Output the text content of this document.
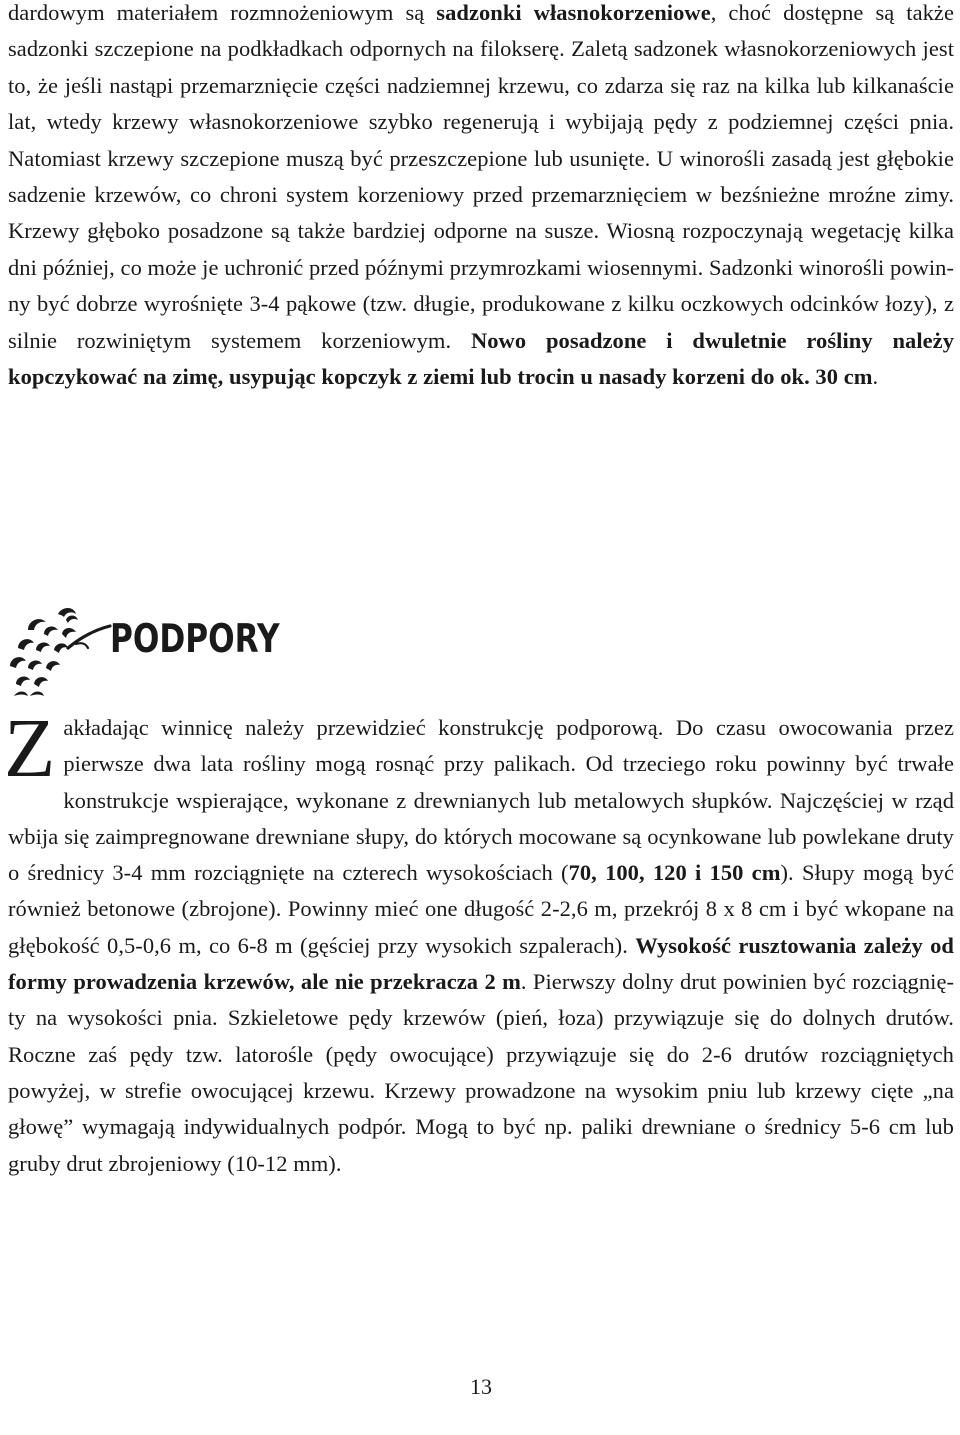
dardowym materiałem rozmnożeniowym są sadzonki własnokorzeniowe, choć dostępne są także sadzonki szczepione na podkładkach odpornych na filokserę. Zaletą sadzonek własnokorzeniowych jest to, że jeśli nastąpi przemarznięcie części nadziemnej krzewu, co zdarza się raz na kilka lub kilkanaście lat, wtedy krzewy własnokorzeniowe szybko regenerują i wybijają pędy z podziemnej części pnia. Natomiast krzewy szczepione muszą być przeszczepione lub usunięte. U winorośli zasadą jest głębokie sadzenie krzewów, co chroni system korzeniowy przed przemarznięciem w bezśnieżne mroźne zimy. Krzewy głęboko posadzone są także bardziej odporne na susze. Wiosną rozpoczynają wegetację kilka dni później, co może je uchronić przed późnymi przymrozkami wiosennymi. Sadzonki winorośli powinny być dobrze wyrośnięte 3-4 pąkowe (tzw. długie, produkowane z kilku oczkowych odcinków łozy), z silnie rozwiniętym systemem korzeniowym. Nowo posadzone i dwuletnie rośliny należy kopczykować na zimę, usypując kopczyk z ziemi lub trocin u nasady korzeni do ok. 30 cm.

PODPORY

Zakładając winnicę należy przewidzieć konstrukcję podporową. Do czasu owocowania przez pierwsze dwa lata rośliny mogą rosnąć przy palikach. Od trzeciego roku powinny być trwałe konstrukcje wspierające, wykonane z drewnianych lub metalowych słupków. Najczęściej w rząd wbija się zaimpregnowane drewniane słupy, do których mocowane są ocynkowane lub powlekane druty o średnicy 3-4 mm rozciągnięte na czterech wysokościach (70, 100, 120 i 150 cm). Słupy mogą być również betonowe (zbrojone). Powinny mieć one długość 2-2,6 m, przekrój 8 x 8 cm i być wkopane na głębokość 0,5-0,6 m, co 6-8 m (gęściej przy wysokich szpalerach). Wysokość rusztowania zależy od formy prowadzenia krzewów, ale nie przekracza 2 m. Pierwszy dolny drut powinien być rozciągnięty na wysokości pnia. Szkieletowe pędy krzewów (pień, łoza) przywiązuje się do dolnych drutów. Roczne zaś pędy tzw. latorośle (pędy owocujące) przywiązuje się do 2-6 drutów rozciągniętych powyżej, w strefie owocującej krzewu. Krzewy prowadzone na wysokim pniu lub krzewy cięte „na głowę” wymagają indywidualnych podpór. Mogą to być np. paliki drewniane o średnicy 5-6 cm lub gruby drut zbrojeniowy (10-12 mm).

13
